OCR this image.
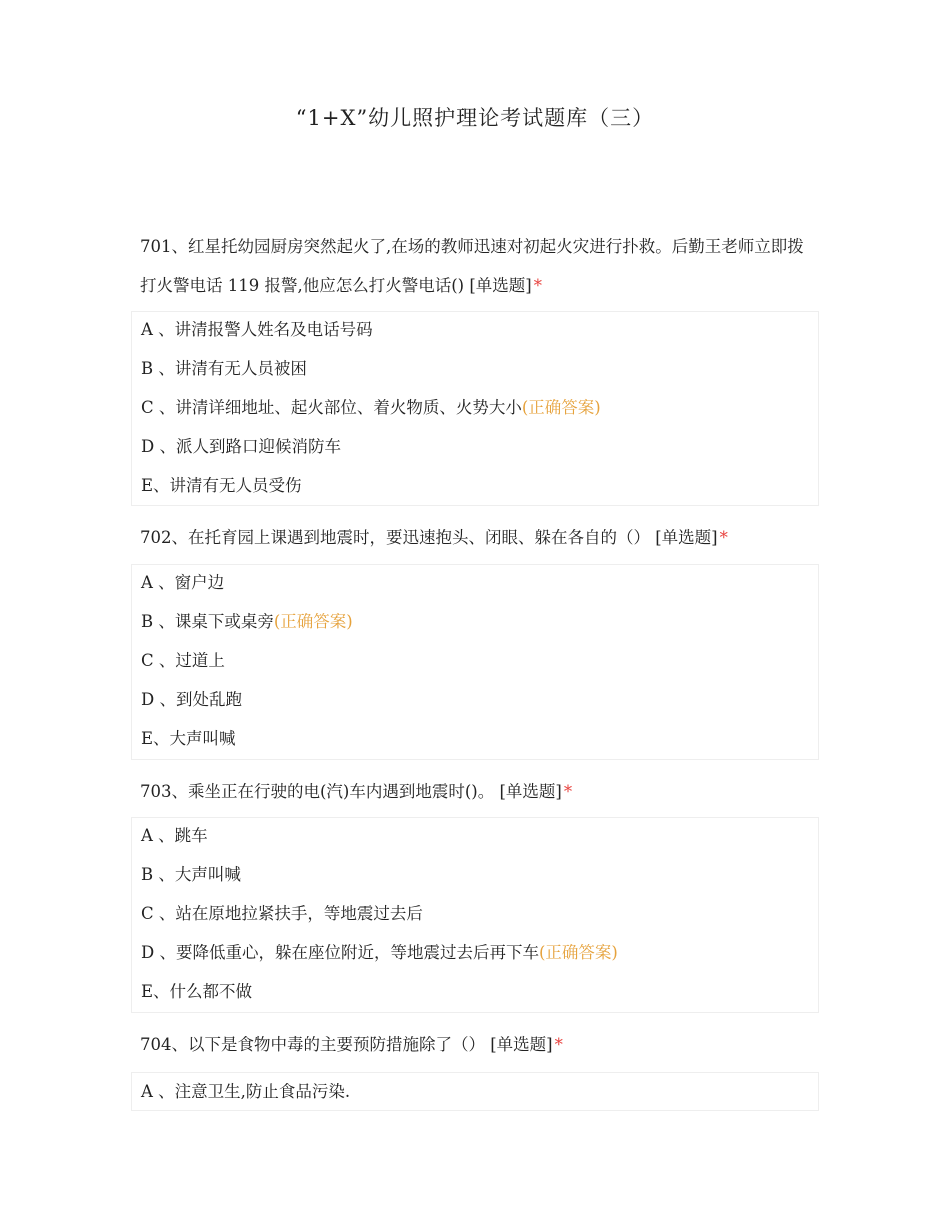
“1+X”幼儿照护理论考试题库（三）

701、红星托幼园厨房突然起火了,在场的教师迅速对初起火灾进行扑救。后勤王老师立即拨打火警电话 119 报警,他应怎么打火警电话() [单选题] *

A 、讲清报警人姓名及电话号码
B 、讲清有无人员被困
C 、讲清详细地址、起火部位、着火物质、火势大小(正确答案)
D 、派人到路口迎候消防车
E、讲清有无人员受伤

702、在托育园上课遇到地震时，要迅速抱头、闭眼、躲在各自的（） [单选题] *

A 、窗户边
B 、课桌下或桌旁(正确答案)
C 、过道上
D 、到处乱跑
E、大声叫喊

703、乘坐正在行驶的电(汽)车内遇到地震时()。 [单选题] *

A 、跳车
B 、大声叫喊
C 、站在原地拉紧扶手，等地震过去后
D 、要降低重心，躲在座位附近，等地震过去后再下车(正确答案)
E、什么都不做

704、以下是食物中毒的主要预防措施除了（） [单选题] *

A 、注意卫生,防止食品污染.
